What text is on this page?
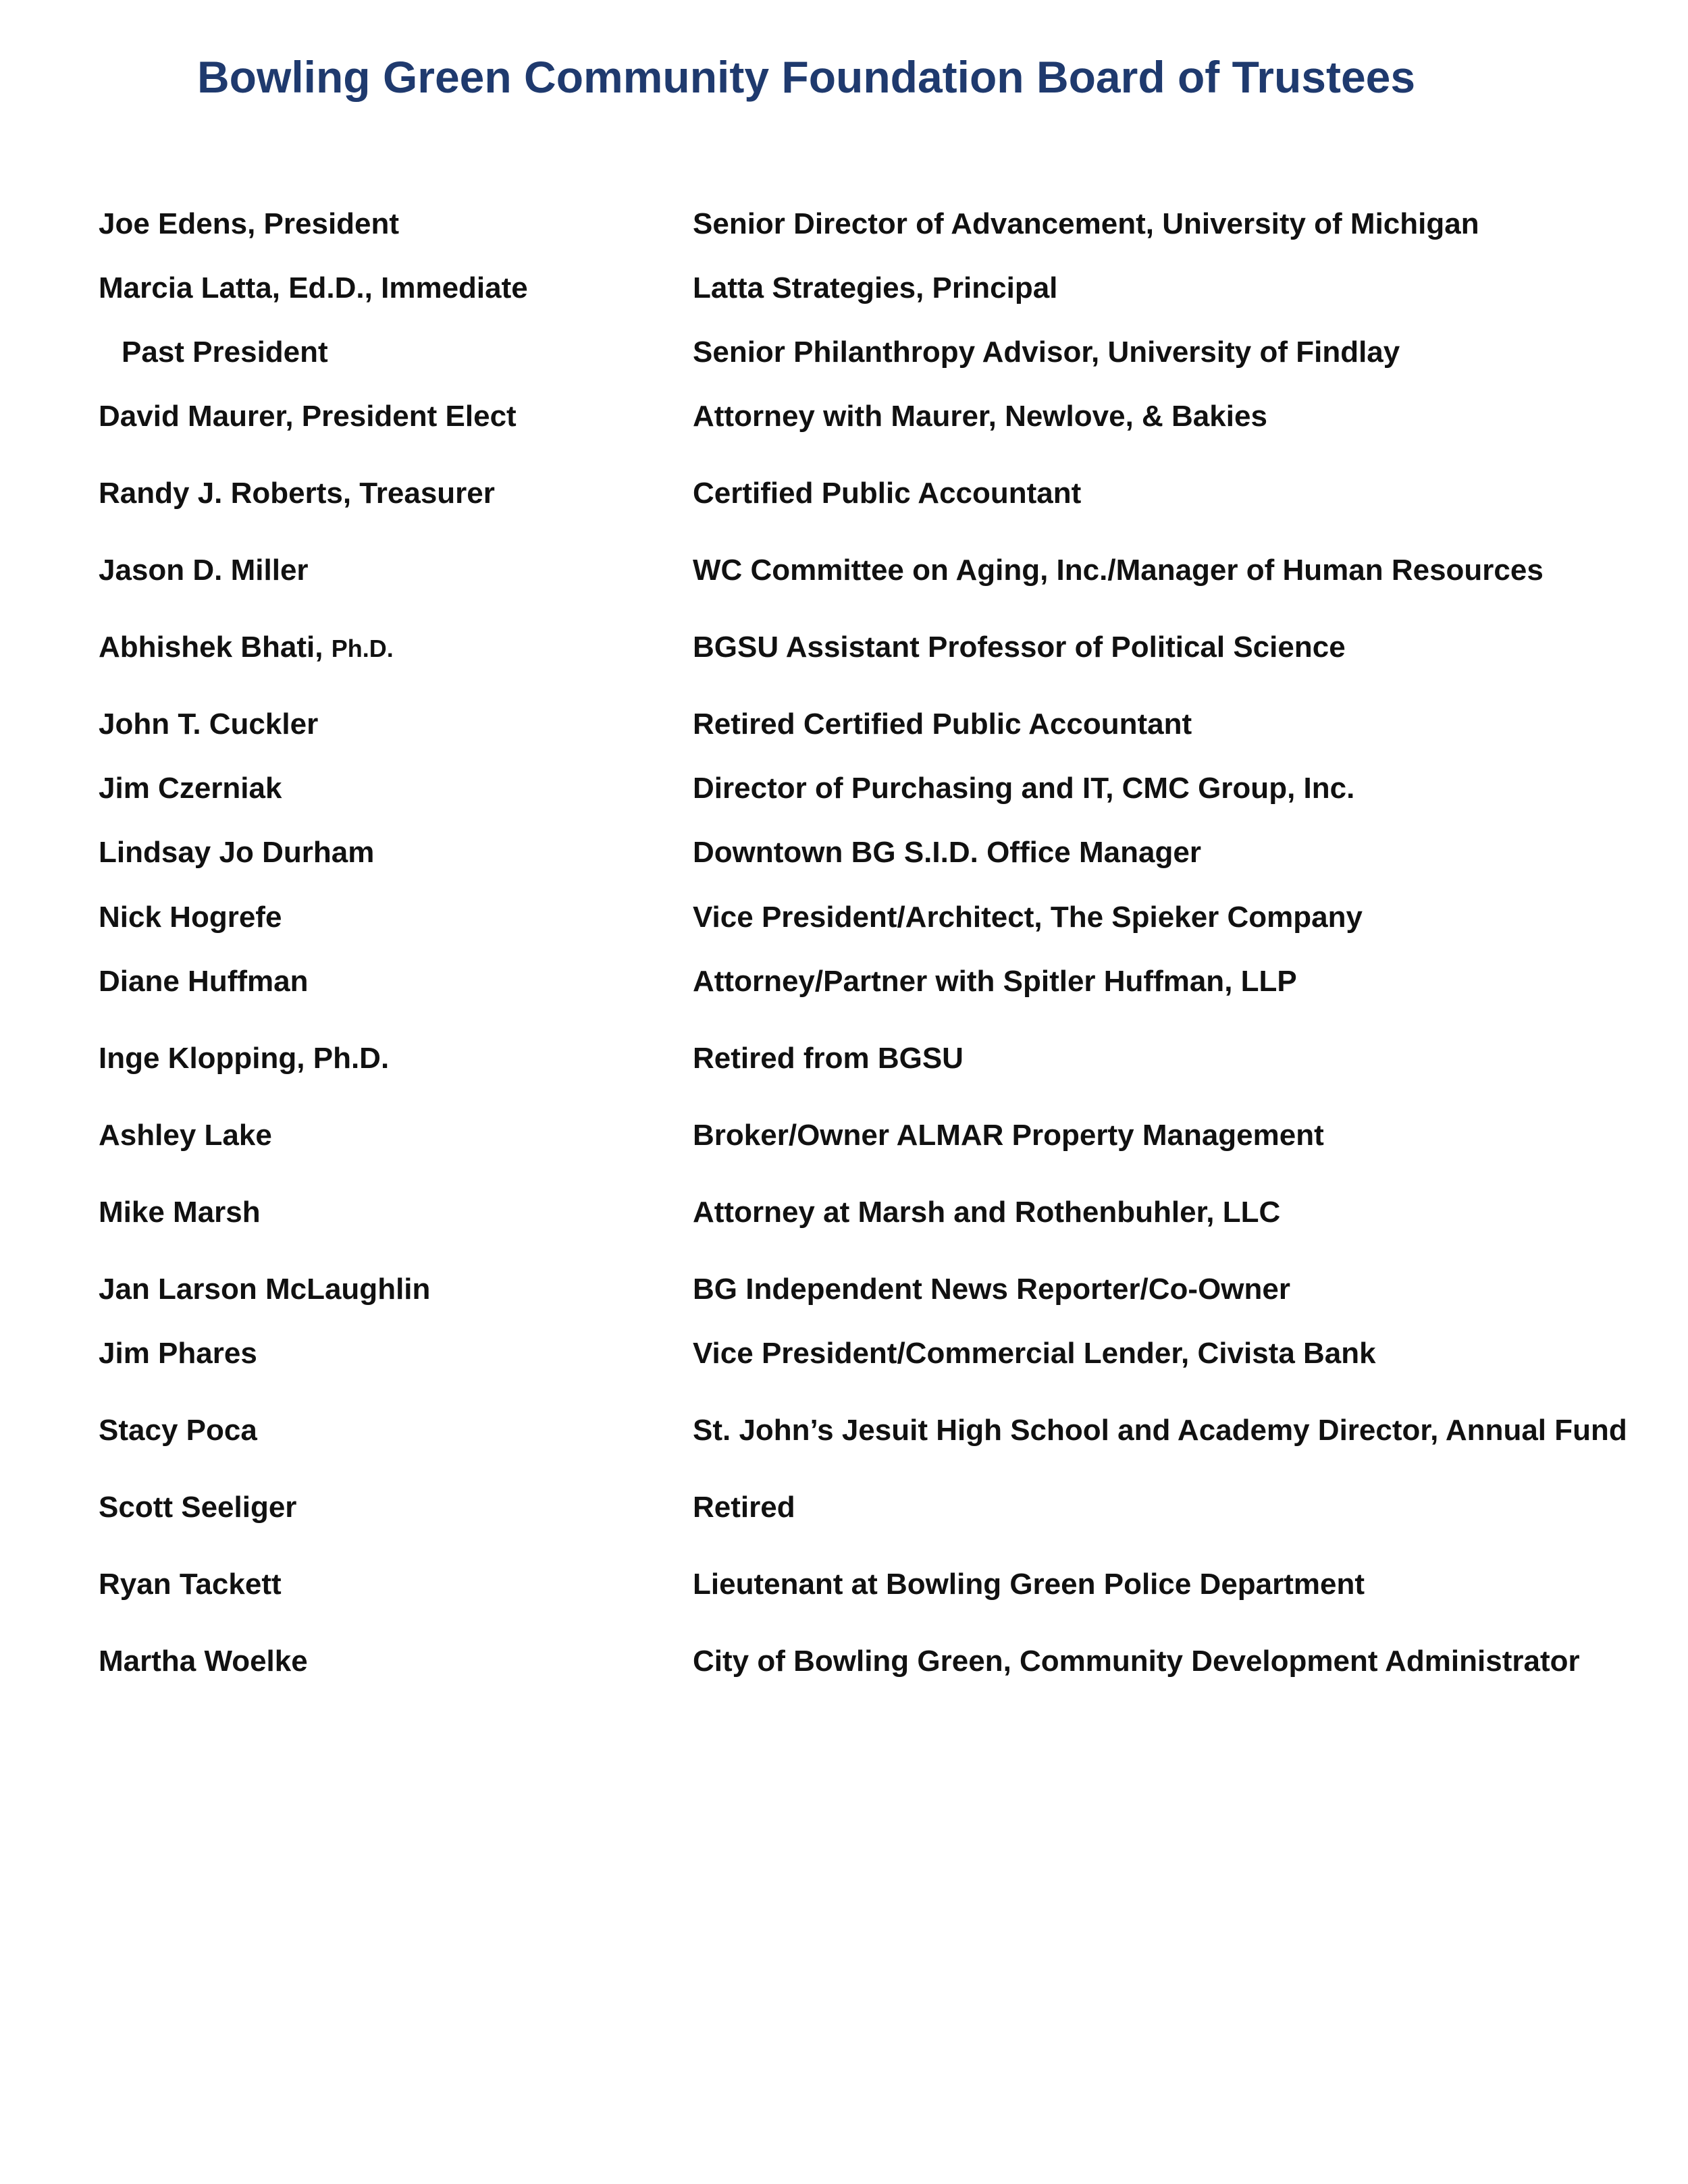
Bowling Green Community Foundation Board of Trustees

Joe Edens, President	Senior Director of Advancement, University of Michigan

Marcia Latta, Ed.D., Immediate	Latta Strategies, Principal

Past President	Senior Philanthropy Advisor, University of Findlay

David Maurer, President Elect	Attorney with Maurer, Newlove, & Bakies

Randy J. Roberts, Treasurer	Certified Public Accountant

Jason D. Miller	WC Committee on Aging, Inc./Manager of Human Resources

Abhishek Bhati, Ph.D.	BGSU Assistant Professor of Political Science

John T. Cuckler	Retired Certified Public Accountant

Jim Czerniak	Director of Purchasing and IT, CMC Group, Inc.

Lindsay Jo Durham	Downtown BG S.I.D. Office Manager

Nick Hogrefe	Vice President/Architect, The Spieker Company

Diane Huffman	Attorney/Partner with Spitler Huffman, LLP

Inge Klopping, Ph.D.	Retired from BGSU

Ashley Lake	Broker/Owner ALMAR Property Management

Mike Marsh	Attorney at Marsh and Rothenbuhler, LLC

Jan Larson McLaughlin	BG Independent News Reporter/Co-Owner

Jim Phares	Vice President/Commercial Lender, Civista Bank

Stacy Poca	St. John’s Jesuit High School and Academy Director, Annual Fund

Scott Seeliger	Retired

Ryan Tackett	Lieutenant at Bowling Green Police Department

Martha Woelke	City of Bowling Green, Community Development Administrator
